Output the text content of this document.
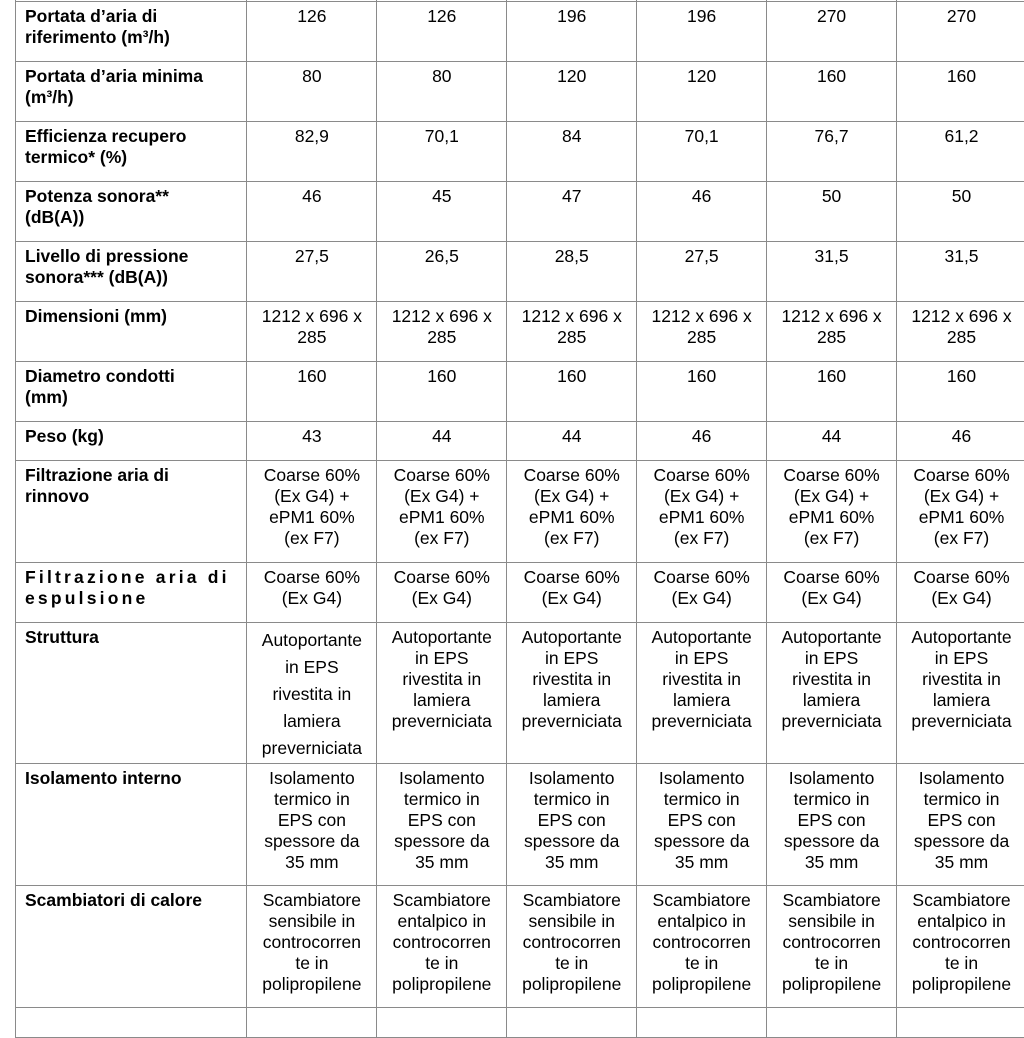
Portata d’aria di
riferimento (m³/h)	126	126	196	196	270	270

Portata d’aria minima
(m³/h)	80	80	120	120	160	160

Efficienza recupero
termico* (%)	82,9	70,1	84	70,1	76,7	61,2

Potenza sonora**
(dB(A))	46	45	47	46	50	50

Livello di pressione
sonora*** (dB(A))	27,5	26,5	28,5	27,5	31,5	31,5

Dimensioni (mm)	1212 x 696 x
285	1212 x 696 x
285	1212 x 696 x
285	1212 x 696 x
285	1212 x 696 x
285	1212 x 696 x
285

Diametro condotti
(mm)	160	160	160	160	160	160

Peso (kg)	43	44	44	46	44	46

Filtrazione aria di
rinnovo	Coarse 60%
(Ex G4) +
ePM1 60%
(ex F7)	Coarse 60%
(Ex G4) +
ePM1 60%
(ex F7)	Coarse 60%
(Ex G4) +
ePM1 60%
(ex F7)	Coarse 60%
(Ex G4) +
ePM1 60%
(ex F7)	Coarse 60%
(Ex G4) +
ePM1 60%
(ex F7)	Coarse 60%
(Ex G4) +
ePM1 60%
(ex F7)

Filtrazione aria di
espulsione	Coarse 60%
(Ex G4)	Coarse 60%
(Ex G4)	Coarse 60%
(Ex G4)	Coarse 60%
(Ex G4)	Coarse 60%
(Ex G4)	Coarse 60%
(Ex G4)

Struttura	Autoportante
in EPS
rivestita in
lamiera
preverniciata	Autoportante
in EPS
rivestita in
lamiera
preverniciata	Autoportante
in EPS
rivestita in
lamiera
preverniciata	Autoportante
in EPS
rivestita in
lamiera
preverniciata	Autoportante
in EPS
rivestita in
lamiera
preverniciata	Autoportante
in EPS
rivestita in
lamiera
preverniciata

Isolamento interno	Isolamento
termico in
EPS con
spessore da
35 mm	Isolamento
termico in
EPS con
spessore da
35 mm	Isolamento
termico in
EPS con
spessore da
35 mm	Isolamento
termico in
EPS con
spessore da
35 mm	Isolamento
termico in
EPS con
spessore da
35 mm	Isolamento
termico in
EPS con
spessore da
35 mm

Scambiatori di calore	Scambiatore
sensibile in
controcorren
te in
polipropilene	Scambiatore
entalpico in
controcorren
te in
polipropilene	Scambiatore
sensibile in
controcorren
te in
polipropilene	Scambiatore
entalpico in
controcorren
te in
polipropilene	Scambiatore
sensibile in
controcorren
te in
polipropilene	Scambiatore
entalpico in
controcorren
te in
polipropilene
